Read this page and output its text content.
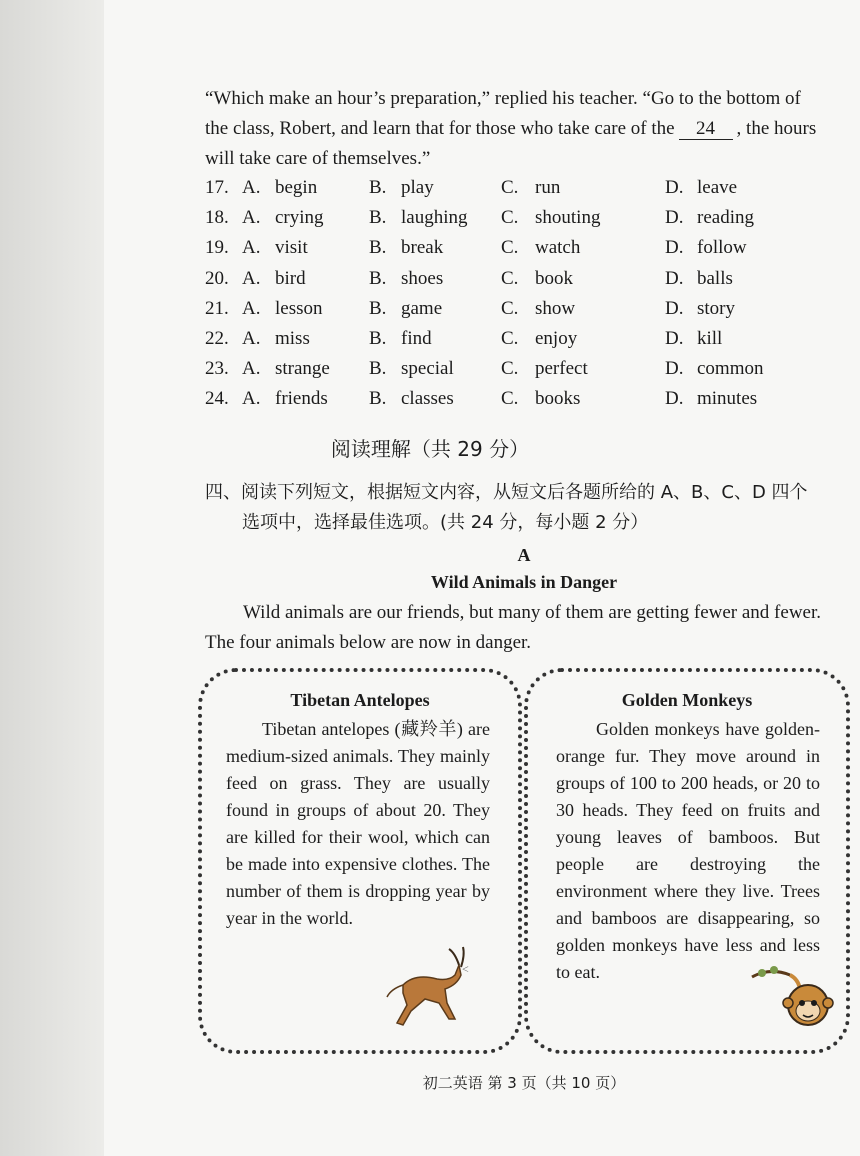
“Which make an hour’s preparation,” replied his teacher. “Go to the bottom of
the class, Robert, and learn that for those who take care of the 24 , the hours
will take care of themselves.”
17. A. begin	B. play	C. run	D. leave
18. A. crying B. laughing C. shouting	D. reading
19. A. visit	B. break	C. watch	D. follow
20. A. bird	B. shoes	C. book	D. balls
21. A. lesson B. game	C. show	D. story
22. A. miss	B. find	C. enjoy	D. kill
23. A. strange B. special C. perfect	D. common
24. A. friends B. classes C. books	D. minutes
阅读理解（共 29 分）
四、阅读下列短文，根据短文内容，从短文后各题所给的 A、B、C、D 四个
选项中，选择最佳选项。(共 24 分，每小题 2 分）
A
Wild Animals in Danger
Wild animals are our friends, but many of them are getting fewer and fewer.
The four animals below are now in danger.
Tibetan Antelopes
Tibetan antelopes (藏羚羊) are medium-sized animals. They mainly feed on grass. They are usually found in groups of about 20. They are killed for their wool, which can be made into expensive clothes. The number of them is dropping year by year in the world.
Golden Monkeys
Golden monkeys have golden-orange fur. They move around in groups of 100 to 200 heads, or 20 to 30 heads. They feed on fruits and young leaves of bamboos. But people are destroying the environment where they live. Trees and bamboos are disappearing, so golden monkeys have less and less to eat.
˂
初二英语 第 3 页（共 10 页）
